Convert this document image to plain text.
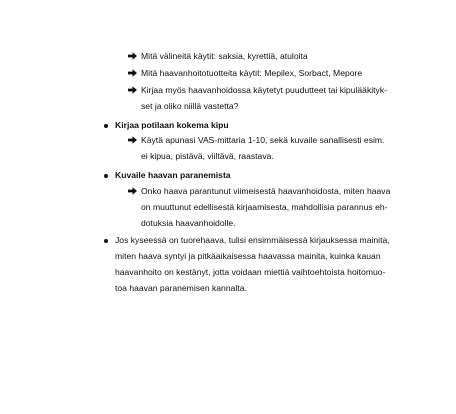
Mitä välineitä käytit: saksia, kyrettiä, atuloita
Mitä haavanhoitotuotteita käytit: Mepilex, Sorbact, Mepore
Kirjaa myös haavanhoidossa käytetyt puudutteet tai kipulääkityk-
set ja oliko niillä vastetta?
Kirjaa potilaan kokema kipu
Käytä apunasi VAS-mittaria 1-10, sekä kuvaile sanallisesti esim.
ei kipua, pistävä, viiltävä, raastava.
Kuvaile haavan paranemista
Onko haava parantunut viimeisestä haavanhoidosta, miten haava
on muuttunut edellisestä kirjaamisesta, mahdollisia parannus eh-
dotuksia haavanhoidolle.
Jos kyseessä on tuorehaava, tulisi ensimmäisessä kirjauksessa mainita,
miten haava syntyi ja pitkäaikaisessa haavassa mainita, kuinka kauan
haavanhoito on kestänyt, jotta voidaan miettiä vaihtoehtoista hoitomuo-
toa haavan paranemisen kannalta.
